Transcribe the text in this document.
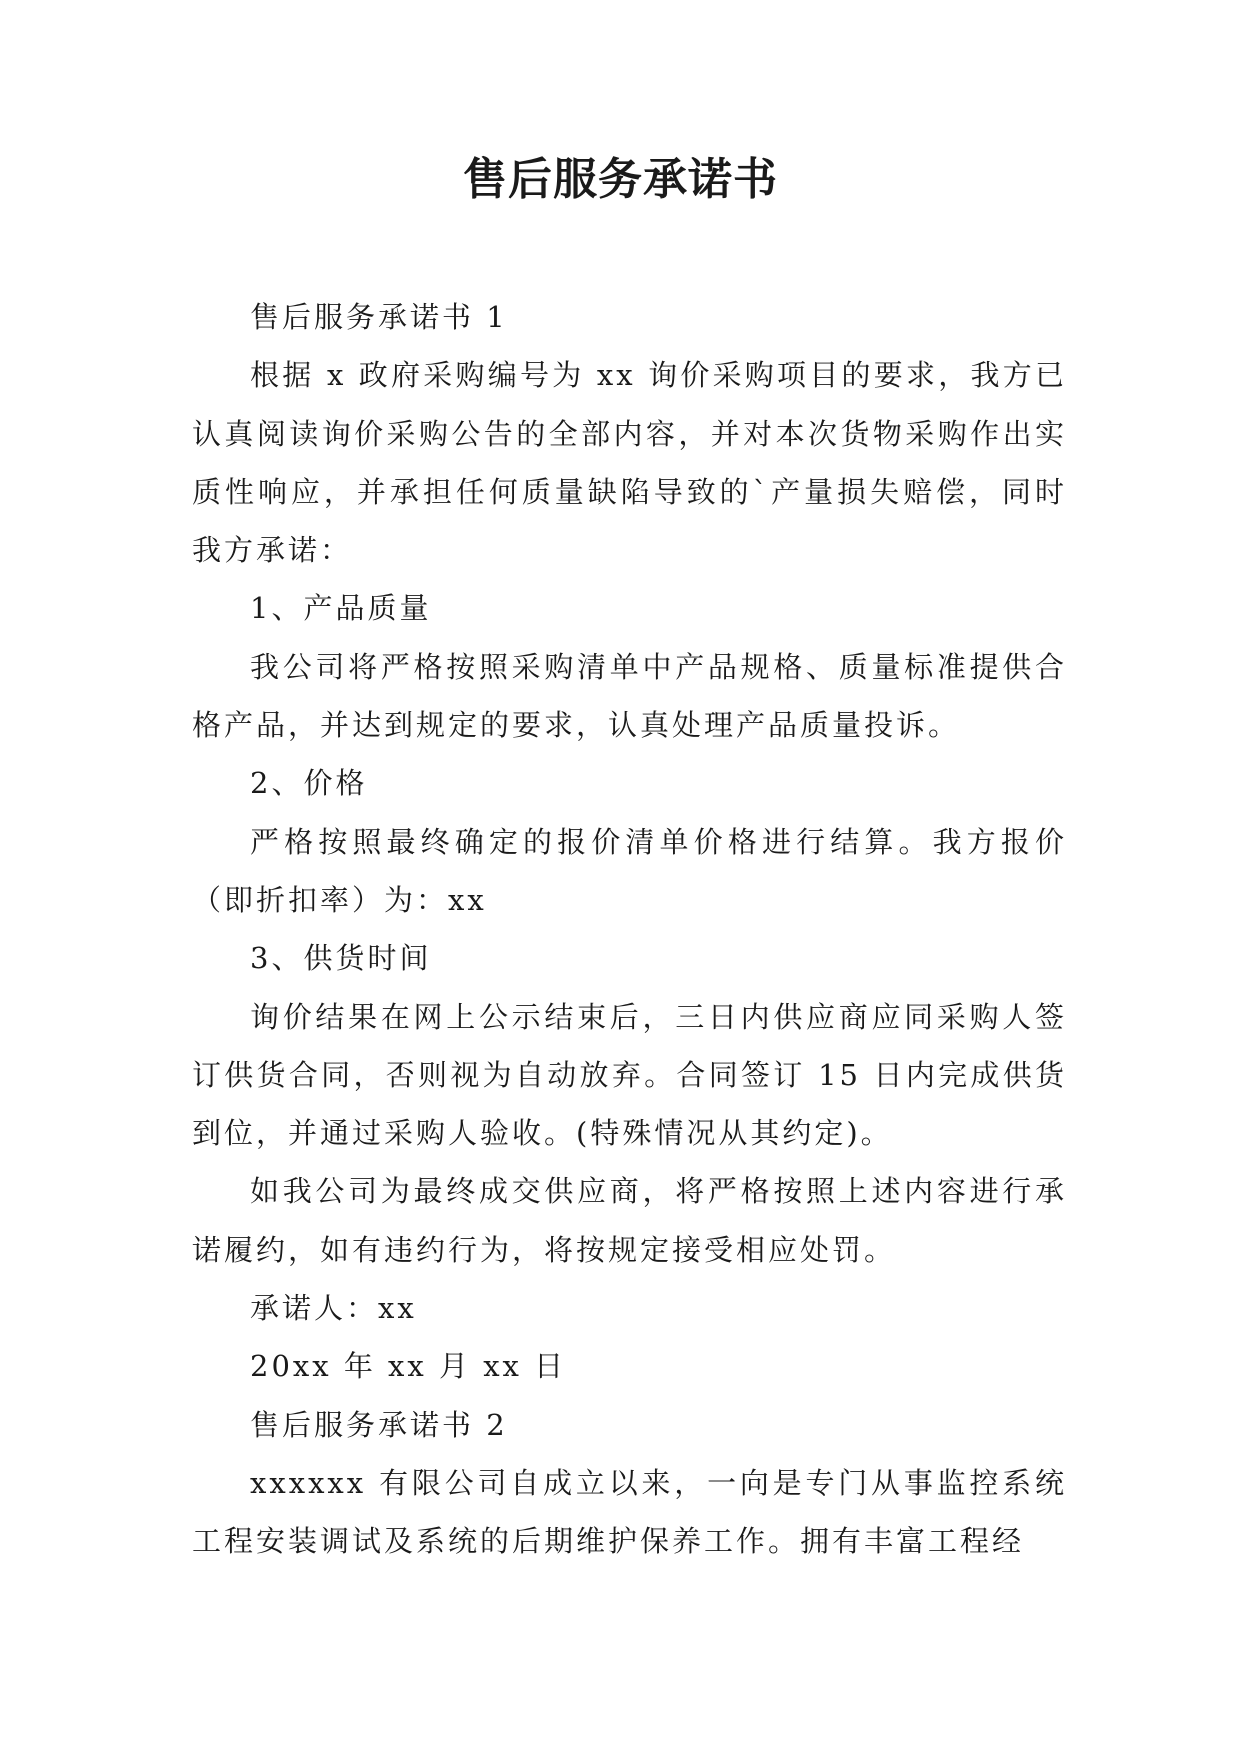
售后服务承诺书

售后服务承诺书 1

根据 x 政府采购编号为 xx 询价采购项目的要求，我方已认真阅读询价采购公告的全部内容，并对本次货物采购作出实质性响应，并承担任何质量缺陷导致的`产量损失赔偿，同时我方承诺：

1、产品质量

我公司将严格按照采购清单中产品规格、质量标准提供合格产品，并达到规定的要求，认真处理产品质量投诉。

2、价格

严格按照最终确定的报价清单价格进行结算。我方报价（即折扣率）为：xx

3、供货时间

询价结果在网上公示结束后，三日内供应商应同采购人签订供货合同，否则视为自动放弃。合同签订 15 日内完成供货到位，并通过采购人验收。(特殊情况从其约定)。

如我公司为最终成交供应商，将严格按照上述内容进行承诺履约，如有违约行为，将按规定接受相应处罚。

承诺人：xx

20xx 年 xx 月 xx 日

售后服务承诺书 2

xxxxxx 有限公司自成立以来，一向是专门从事监控系统工程安装调试及系统的后期维护保养工作。拥有丰富工程经
